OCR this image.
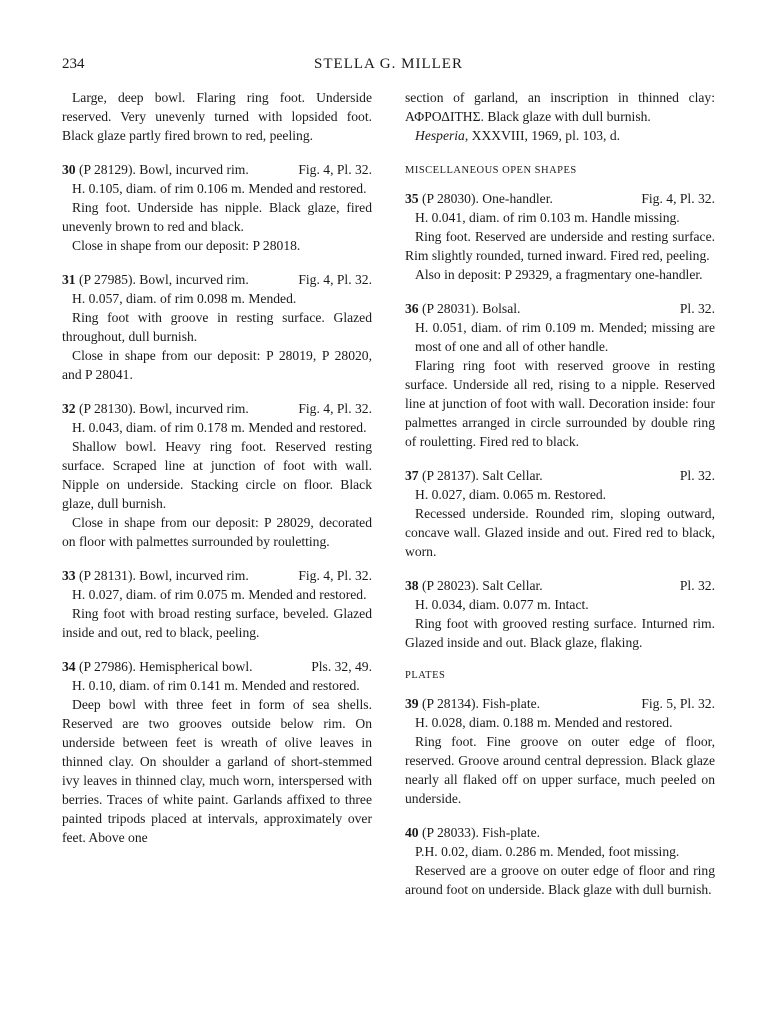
234	STELLA G. MILLER

Large, deep bowl. Flaring ring foot. Underside reserved. Very unevenly turned with lopsided foot. Black glaze partly fired brown to red, peeling.

30 (P 28129). Bowl, incurved rim.	Fig. 4, Pl. 32.

H. 0.105, diam. of rim 0.106 m. Mended and restored.

Ring foot. Underside has nipple. Black glaze, fired unevenly brown to red and black.

Close in shape from our deposit: P 28018.

31 (P 27985). Bowl, incurved rim.	Fig. 4, Pl. 32.

H. 0.057, diam. of rim 0.098 m. Mended.

Ring foot with groove in resting surface. Glazed throughout, dull burnish.

Close in shape from our deposit: P 28019, P 28020, and P 28041.

32 (P 28130). Bowl, incurved rim.	Fig. 4, Pl. 32.

H. 0.043, diam. of rim 0.178 m. Mended and restored.

Shallow bowl. Heavy ring foot. Reserved resting surface. Scraped line at junction of foot with wall. Nipple on underside. Stacking circle on floor. Black glaze, dull burnish.

Close in shape from our deposit: P 28029, decorated on floor with palmettes surrounded by rouletting.

33 (P 28131). Bowl, incurved rim.	Fig. 4, Pl. 32.

H. 0.027, diam. of rim 0.075 m. Mended and restored.

Ring foot with broad resting surface, beveled. Glazed inside and out, red to black, peeling.

34 (P 27986). Hemispherical bowl.	Pls. 32, 49.

H. 0.10, diam. of rim 0.141 m. Mended and restored.

Deep bowl with three feet in form of sea shells. Reserved are two grooves outside below rim. On underside between feet is wreath of olive leaves in thinned clay. On shoulder a garland of short-stemmed ivy leaves in thinned clay, much worn, interspersed with berries. Traces of white paint. Garlands affixed to three painted tripods placed at intervals, approximately over feet. Above one

section of garland, an inscription in thinned clay: ΑΦΡΟΔΙΤΗΣ. Black glaze with dull burnish.

Hesperia, XXXVIII, 1969, pl. 103, d.

MISCELLANEOUS OPEN SHAPES
35 (P 28030). One-handler.	Fig. 4, Pl. 32.

H. 0.041, diam. of rim 0.103 m. Handle missing.

Ring foot. Reserved are underside and resting surface. Rim slightly rounded, turned inward. Fired red, peeling.

Also in deposit: P 29329, a fragmentary one-handler.

36 (P 28031). Bolsal.	Pl. 32.

H. 0.051, diam. of rim 0.109 m. Mended; missing are most of one and all of other handle.

Flaring ring foot with reserved groove in resting surface. Underside all red, rising to a nipple. Reserved line at junction of foot with wall. Decoration inside: four palmettes arranged in circle surrounded by double ring of rouletting. Fired red to black.

37 (P 28137). Salt Cellar.	Pl. 32.

H. 0.027, diam. 0.065 m. Restored.

Recessed underside. Rounded rim, sloping outward, concave wall. Glazed inside and out. Fired red to black, worn.

38 (P 28023). Salt Cellar.	Pl. 32.

H. 0.034, diam. 0.077 m. Intact.

Ring foot with grooved resting surface. Inturned rim. Glazed inside and out. Black glaze, flaking.

PLATES
39 (P 28134). Fish-plate.	Fig. 5, Pl. 32.

H. 0.028, diam. 0.188 m. Mended and restored.

Ring foot. Fine groove on outer edge of floor, reserved. Groove around central depression. Black glaze nearly all flaked off on upper surface, much peeled on underside.

40 (P 28033). Fish-plate.

P.H. 0.02, diam. 0.286 m. Mended, foot missing.

Reserved are a groove on outer edge of floor and ring around foot on underside. Black glaze with dull burnish.
